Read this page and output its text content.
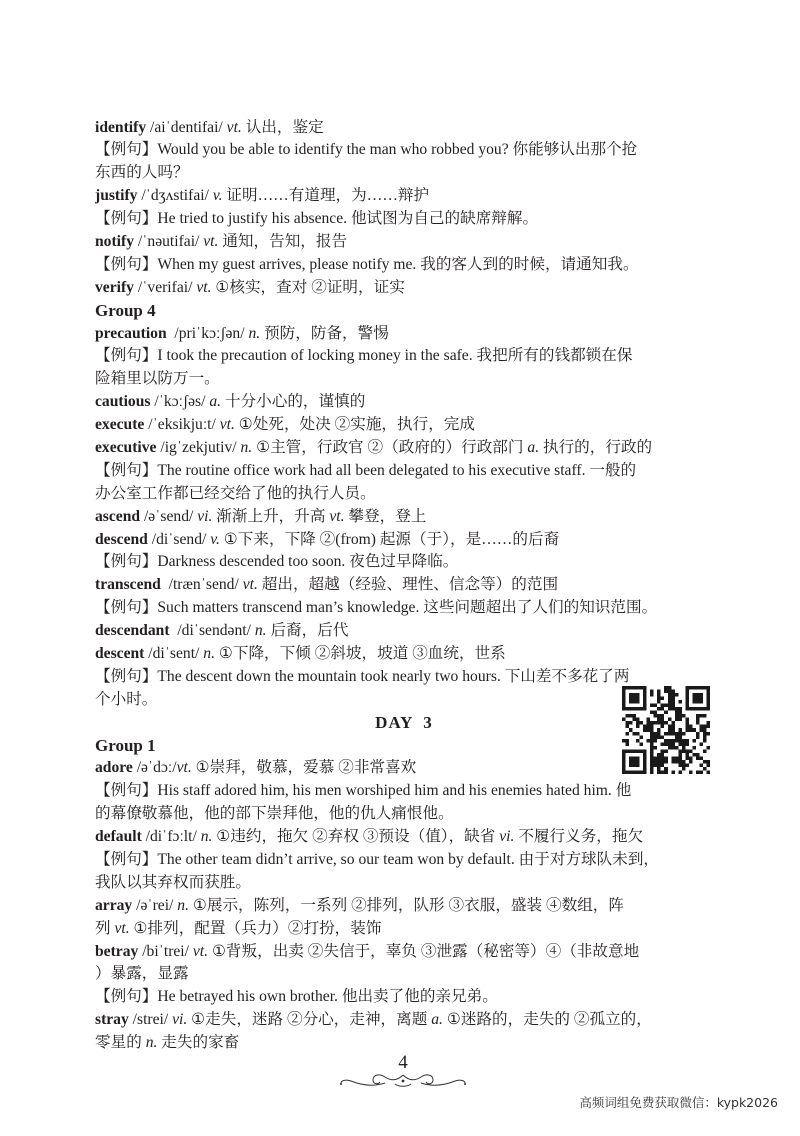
identify /aiˈdentifai/ vt. 认出，鉴定
【例句】Would you be able to identify the man who robbed you? 你能够认出那个抢
东西的人吗？
justify /ˈdʒʌstifai/ v. 证明……有道理，为……辩护
【例句】He tried to justify his absence. 他试图为自己的缺席辩解。
notify /ˈnəutifai/ vt. 通知，告知，报告
【例句】When my guest arrives, please notify me. 我的客人到的时候，请通知我。
verify /ˈverifai/ vt. ①核实，查对 ②证明，证实
Group 4
precaution  /priˈkɔːʃən/ n. 预防，防备，警惕
【例句】I took the precaution of locking money in the safe. 我把所有的钱都锁在保
险箱里以防万一。
cautious /ˈkɔːʃəs/ a. 十分小心的，谨慎的
execute /ˈeksikjuːt/ vt. ①处死，处决 ②实施，执行，完成
executive /igˈzekjutiv/ n. ①主管，行政官 ②（政府的）行政部门 a. 执行的，行政的
【例句】The routine office work had all been delegated to his executive staff. 一般的
办公室工作都已经交给了他的执行人员。
ascend /əˈsend/ vi. 渐渐上升，升高 vt. 攀登，登上
descend /diˈsend/ v. ①下来，下降 ②(from) 起源（于），是……的后裔
【例句】Darkness descended too soon. 夜色过早降临。
transcend  /trænˈsend/ vt. 超出，超越（经验、理性、信念等）的范围
【例句】Such matters transcend man’s knowledge. 这些问题超出了人们的知识范围。
descendant  /diˈsendənt/ n. 后裔，后代
descent /diˈsent/ n. ①下降，下倾 ②斜坡，坡道 ③血统，世系
【例句】The descent down the mountain took nearly two hours. 下山差不多花了两
个小时。
DAY  3
Group 1
adore /əˈdɔː/vt. ①崇拜，敬慕，爱慕 ②非常喜欢
【例句】His staff adored him, his men worshiped him and his enemies hated him. 他
的幕僚敬慕他，他的部下崇拜他，他的仇人痛恨他。
default /diˈfɔːlt/ n. ①违约，拖欠 ②弃权 ③预设（值），缺省 vi. 不履行义务，拖欠
【例句】The other team didn’t arrive, so our team won by default. 由于对方球队未到，
我队以其弃权而获胜。
array /əˈrei/ n. ①展示，陈列，一系列 ②排列，队形 ③衣服，盛装 ④数组，阵
列 vt. ①排列，配置（兵力）②打扮，装饰
betray /biˈtrei/ vt. ①背叛，出卖 ②失信于，辜负 ③泄露（秘密等）④（非故意地
）暴露，显露
【例句】He betrayed his own brother. 他出卖了他的亲兄弟。
stray /strei/ vi. ①走失，迷路 ②分心，走神，离题 a. ①迷路的，走失的 ②孤立的，
零星的 n. 走失的家畜
4
高频词组免费获取微信：kypk2026
